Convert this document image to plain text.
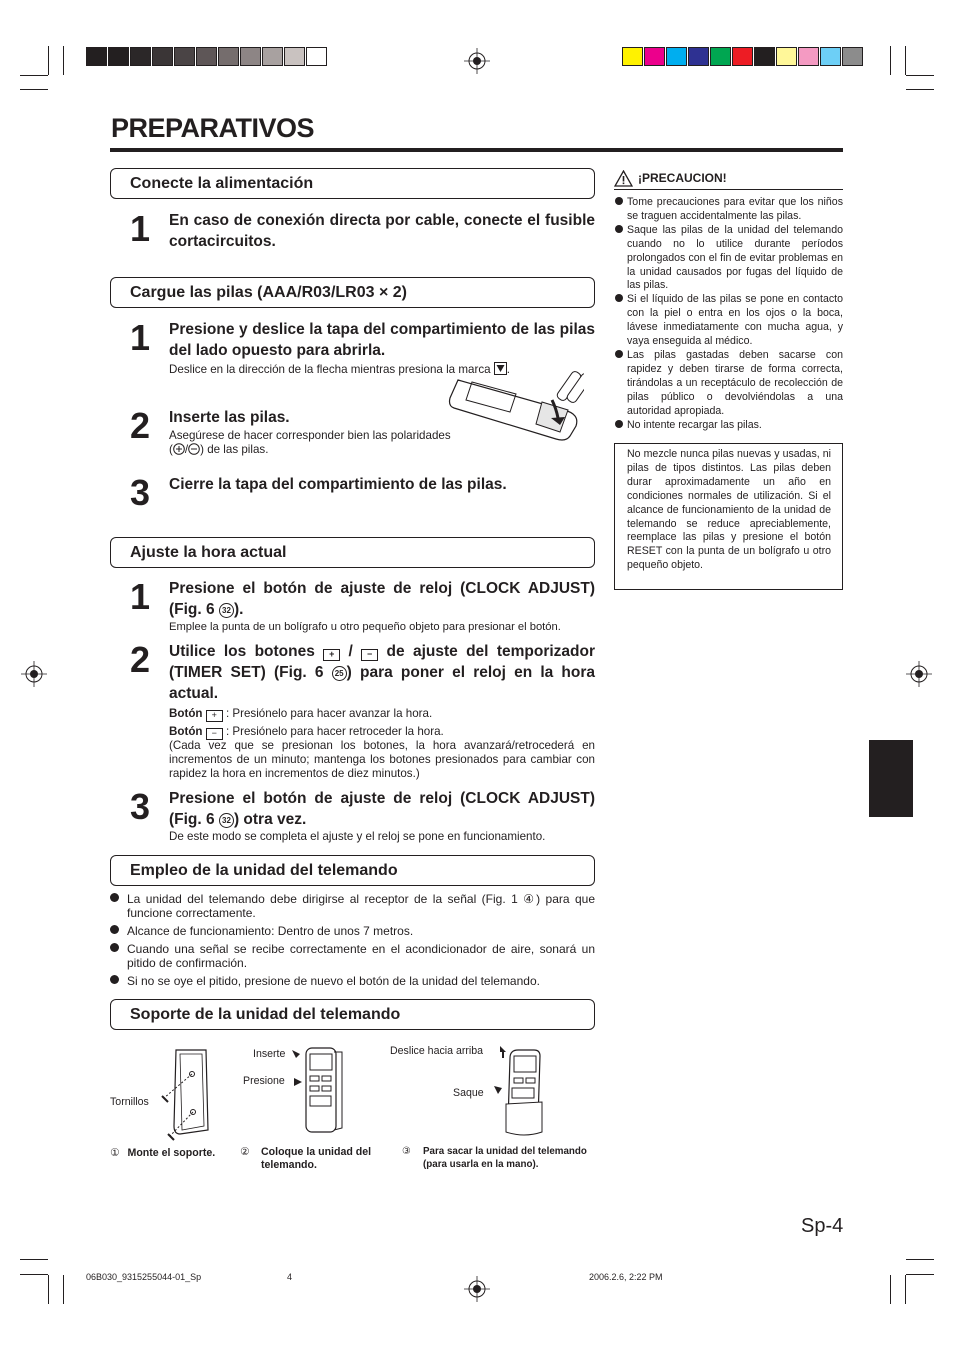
PREPARATIVOS
Conecte la alimentación
1 En caso de conexión directa por cable, conecte el fusible cortacircuitos.
Cargue las pilas (AAA/R03/LR03 × 2)
1 Presione y deslice la tapa del compartimiento de las pilas del lado opuesto para abrirla.
Deslice en la dirección de la flecha mientras presiona la marca .
2 Inserte las pilas.
Asegúrese de hacer corresponder bien las polaridades
( / ) de las pilas.
3 Cierre la tapa del compartimiento de las pilas.
Ajuste la hora actual
1 Presione el botón de ajuste de reloj (CLOCK ADJUST) (Fig. 6 32 ).
Emplee la punta de un bolígrafo u otro pequeño objeto para presionar el botón.
2 Utilice los botones + / − de ajuste del temporizador (TIMER SET) (Fig. 6 25 ) para poner el reloj en la hora actual.
Botón + : Presiónelo para hacer avanzar la hora.
Botón − : Presiónelo para hacer retroceder la hora.
(Cada vez que se presionan los botones, la hora avanzará/retrocederá en incrementos de un minuto; mantenga los botones presionados para cambiar con rapidez la hora en incrementos de diez minutos.)
3 Presione el botón de ajuste de reloj (CLOCK ADJUST) (Fig. 6 32 ) otra vez.
De este modo se completa el ajuste y el reloj se pone en funcionamiento.
Empleo de la unidad del telemando
La unidad del telemando debe dirigirse al receptor de la señal (Fig. 1 ④) para que funcione correctamente.
Alcance de funcionamiento: Dentro de unos 7 metros.
Cuando una señal se recibe correctamente en el acondicionador de aire, sonará un pitido de confirmación.
Si no se oye el pitido, presione de nuevo el botón de la unidad del telemando.
Soporte de la unidad del telemando
Tornillos
Inserte
Presione
Deslice hacia arriba
Saque
① Monte el soporte. ②	Coloque la unidad del telemando.
③	Para sacar la unidad del telemando (para usarla en la mano).
¡PRECAUCION!
Tome precauciones para evitar que los niños se traguen accidentalmente las pilas.
Saque las pilas de la unidad del telemando cuando no lo utilice durante períodos prolongados con el fin de evitar problemas en la unidad causados por fugas del líquido de las pilas.
Si el líquido de las pilas se pone en contacto con la piel o entra en los ojos o la boca, lávese inmediatamente con mucha agua, y vaya enseguida al médico.
Las pilas gastadas deben sacarse con rapidez y deben tirarse de forma correcta, tirándolas a un receptáculo de recolección de pilas público o devolviéndolas a una autoridad apropiada.
No intente recargar las pilas.
No mezcle nunca pilas nuevas y usadas, ni pilas de tipos distintos. Las pilas deben durar aproximadamente un año en condiciones normales de utilización. Si el alcance de funcionamiento de la unidad de telemando se reduce apreciablemente, reemplace las pilas y presione el botón RESET con la punta de un bolígrafo u otro pequeño objeto.
Sp-4
06B030_9315255044-01_Sp	4	2006.2.6, 2:22 PM
